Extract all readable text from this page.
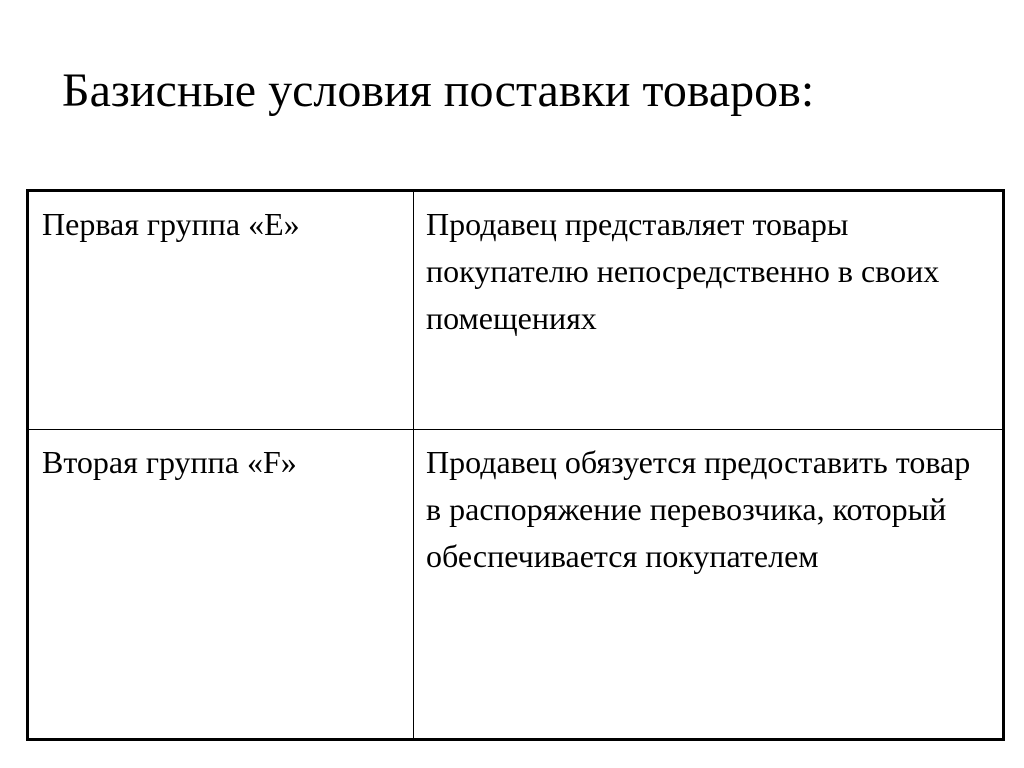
Базисные условия поставки товаров:
Первая группа «Е»	Продавец представляет товары покупателю непосредственно в своих помещениях
Вторая группа «F»	Продавец обязуется предоставить товар в распоряжение перевозчика, который обеспечивается покупателем
